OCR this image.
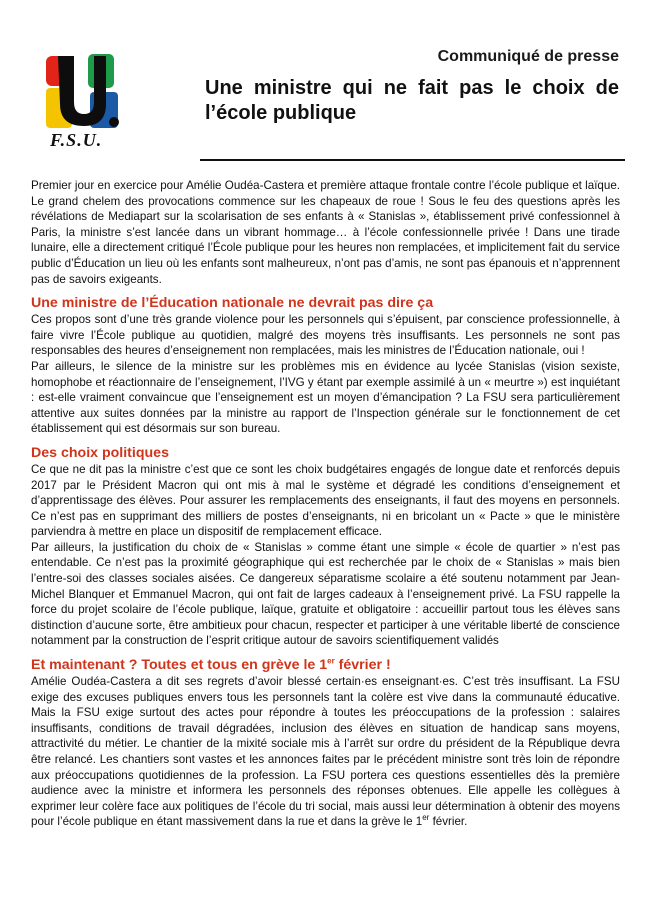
F.S.U.
Communiqué de presse
Une ministre qui ne fait pas le choix de l’école publique

Premier jour en exercice pour Amélie Oudéa-Castera et première attaque frontale contre l’école publique et laïque. Le grand chelem des provocations commence sur les chapeaux de roue ! Sous le feu des questions après les révélations de Mediapart sur la scolarisation de ses enfants à « Stanislas », établissement privé confessionnel à Paris, la ministre s’est lancée dans un vibrant hommage… à l’école confessionnelle privée ! Dans une tirade lunaire, elle a directement critiqué l’École publique pour les heures non remplacées, et implicitement fait du service public d’Éducation un lieu où les enfants sont malheureux, n’ont pas d’amis, ne sont pas épanouis et n’apprennent pas de savoirs exigeants.

Une ministre de l’Éducation nationale ne devrait pas dire ça

Ces propos sont d’une très grande violence pour les personnels qui s’épuisent, par conscience professionnelle, à faire vivre l’École publique au quotidien, malgré des moyens très insuffisants. Les personnels ne sont pas responsables des heures d’enseignement non remplacées, mais les ministres de l’Éducation nationale, oui !

Par ailleurs, le silence de la ministre sur les problèmes mis en évidence au lycée Stanislas (vision sexiste, homophobe et réactionnaire de l’enseignement, l’IVG y étant par exemple assimilé à un « meurtre ») est inquiétant : est-elle vraiment convaincue que l’enseignement est un moyen d’émancipation ? La FSU sera particulièrement attentive aux suites données par la ministre au rapport de l’Inspection générale sur le fonctionnement de cet établissement qui est désormais sur son bureau.

Des choix politiques

Ce que ne dit pas la ministre c’est que ce sont les choix budgétaires engagés de longue date et renforcés depuis 2017 par le Président Macron qui ont mis à mal le système et dégradé les conditions d’enseignement et d’apprentissage des élèves. Pour assurer les remplacements des enseignants, il faut des moyens en personnels. Ce n’est pas en supprimant des milliers de postes d’enseignants, ni en bricolant un « Pacte » que le ministère parviendra à mettre en place un dispositif de remplacement efficace.

Par ailleurs, la justification du choix de « Stanislas » comme étant une simple « école de quartier » n’est pas entendable. Ce n’est pas la proximité géographique qui est recherchée par le choix de « Stanislas » mais bien l’entre-soi des classes sociales aisées. Ce dangereux séparatisme scolaire a été soutenu notamment par Jean-Michel Blanquer et Emmanuel Macron, qui ont fait de larges cadeaux à l’enseignement privé. La FSU rappelle la force du projet scolaire de l’école publique, laïque, gratuite et obligatoire : accueillir partout tous les élèves sans distinction d’aucune sorte, être ambitieux pour chacun, respecter et participer à une véritable liberté de conscience notamment par la construction de l’esprit critique autour de savoirs scientifiquement validés

Et maintenant ? Toutes et tous en grève le 1er février !

Amélie Oudéa-Castera a dit ses regrets d’avoir blessé certain·es enseignant·es. C’est très insuffisant. La FSU exige des excuses publiques envers tous les personnels tant la colère est vive dans la communauté éducative. Mais la FSU exige surtout des actes pour répondre à toutes les préoccupations de la profession : salaires insuffisants, conditions de travail dégradées, inclusion des élèves en situation de handicap sans moyens, attractivité du métier. Le chantier de la mixité sociale mis à l’arrêt sur ordre du président de la République devra être relancé. Les chantiers sont vastes et les annonces faites par le précédent ministre sont très loin de répondre aux préoccupations quotidiennes de la profession. La FSU portera ces questions essentielles dès la première audience avec la ministre et informera les personnels des réponses obtenues. Elle appelle les collègues à exprimer leur colère face aux politiques de l’école du tri social, mais aussi leur détermination à obtenir des moyens pour l’école publique en étant massivement dans la rue et dans la grève le 1er février.
